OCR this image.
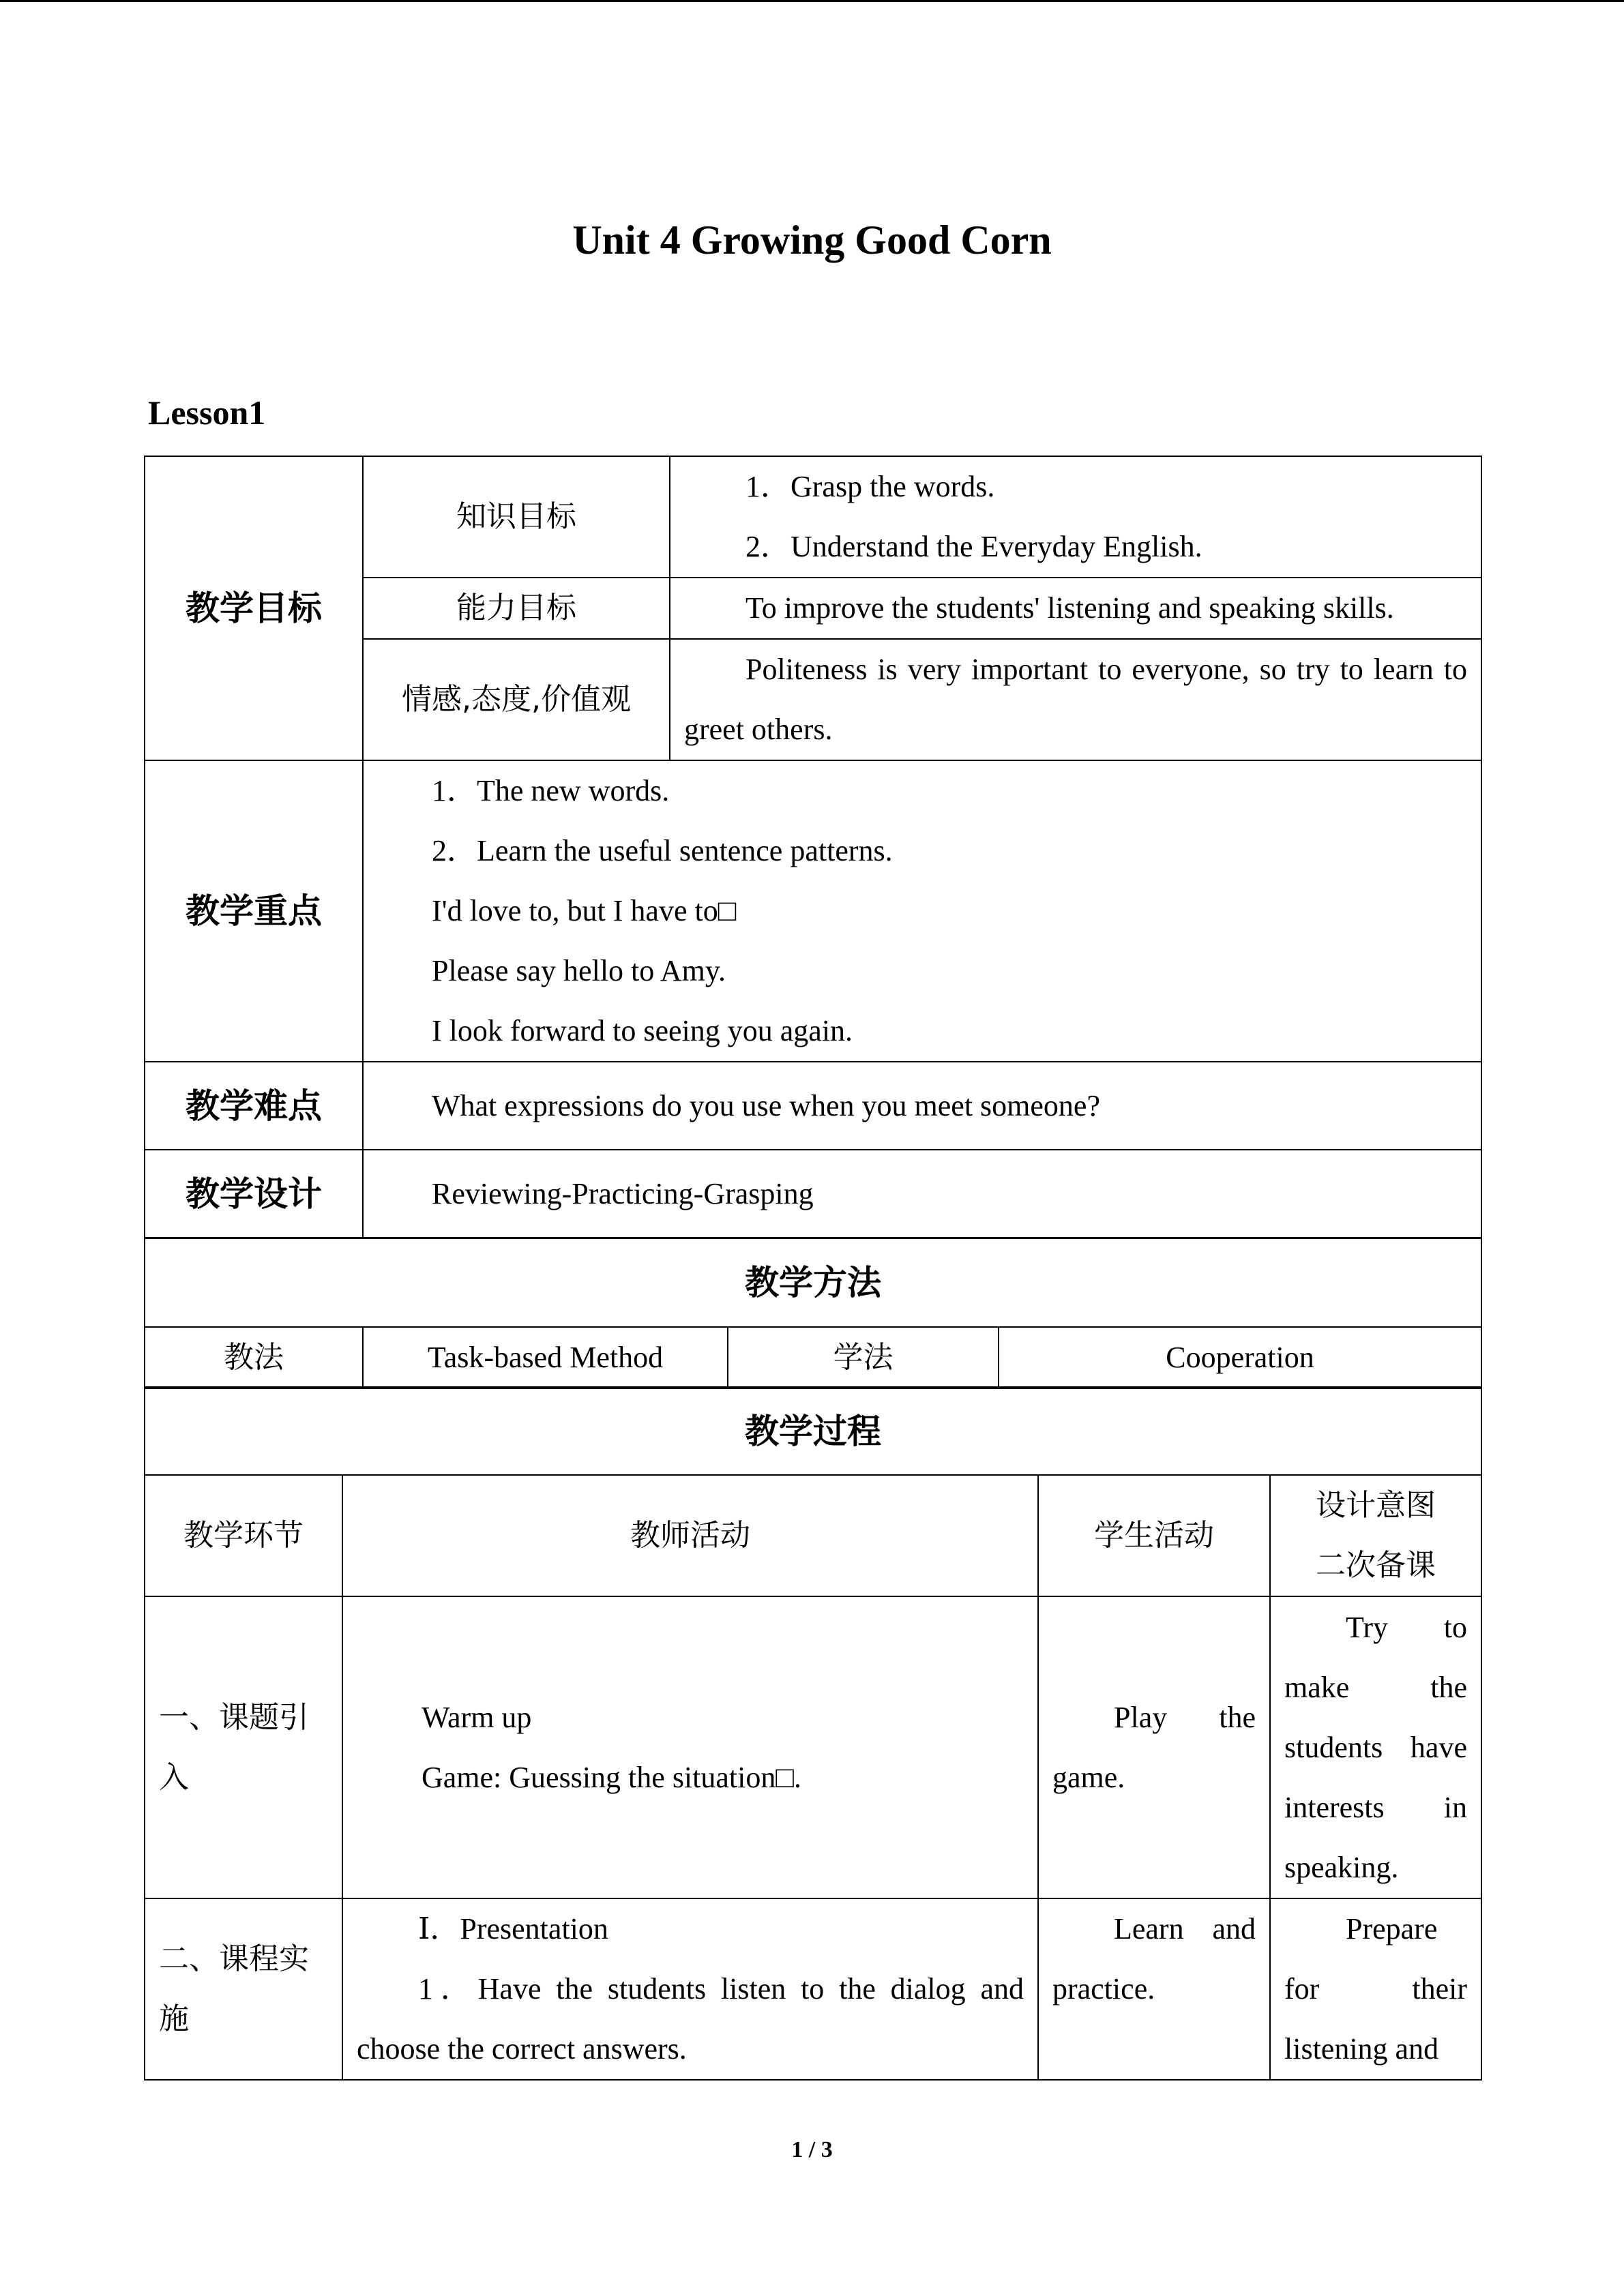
Unit 4 Growing Good Corn
Lesson1
教学目标	知识目标	1．Grasp the words.

2．Understand the Everyday English.

	能力目标	To improve the students' listening and speaking skills.
	情感,态度,价值观	Politeness is very important to everyone, so try to learn to greet others.
教学重点	1．The new words.

2．Learn the useful sentence patterns.

I'd love to, but I have to□

Please say hello to Amy.

I look forward to seeing you again.	

教学难点	What expressions do you use when you meet someone?	
教学设计	Reviewing-Practicing-Grasping	
教学方法
教法	Task-based Method	学法	Cooperation
教学过程			
教学环节	教师活动	学生活动	设计意图

二次备课

一、课题引入	Warm up

Game: Guessing the situation□.	Play the game.	Try to make the students have interests in speaking.
二、课程实施	Ⅰ．Presentation

1．Have the students listen to the dialog and choose the correct answers.	Learn and practice.	Prepare for their listening and
1 / 3
